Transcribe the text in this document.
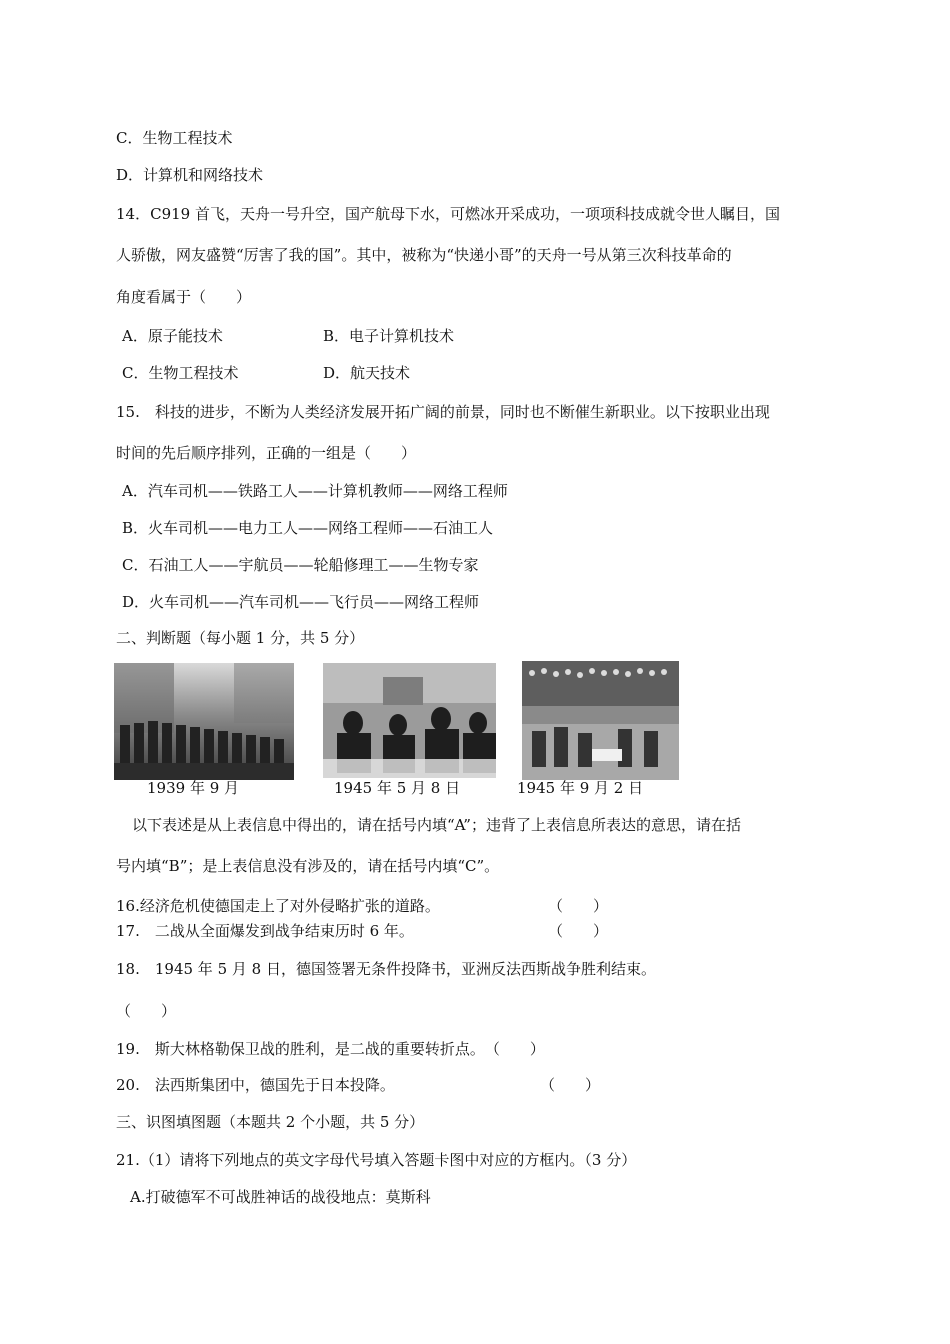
C．生物工程技术
D．计算机和网络技术
14．C919 首飞，天舟一号升空，国产航母下水，可燃冰开采成功，一项项科技成就令世人瞩目，国
人骄傲，网友盛赞“厉害了我的国”。其中，被称为“快递小哥”的天舟一号从第三次科技革命的
角度看属于（　　）
A．原子能技术	B．电子计算机技术
C．生物工程技术	D．航天技术
15.　科技的进步，不断为人类经济发展开拓广阔的前景，同时也不断催生新职业。以下按职业出现
时间的先后顺序排列，正确的一组是（　　）
A．汽车司机——铁路工人——计算机教师——网络工程师
B．火车司机——电力工人——网络工程师——石油工人
C．石油工人——宇航员——轮船修理工——生物专家
D．火车司机——汽车司机——飞行员——网络工程师
二、判断题（每小题 1 分，共 5 分）
1939 年 9 月	1945 年 5 月 8 日	1945 年 9 月 2 日
以下表述是从上表信息中得出的，请在括号内填“A”；违背了上表信息所表达的意思，请在括
号内填“B”；是上表信息没有涉及的，请在括号内填“C”。
16.经济危机使德国走上了对外侵略扩张的道路。	（　　）
17.　二战从全面爆发到战争结束历时 6 年。	（　　）
18.　1945 年 5 月 8 日，德国签署无条件投降书，亚洲反法西斯战争胜利结束。
（　　）
19.　斯大林格勒保卫战的胜利，是二战的重要转折点。　（　　）
20.　法西斯集团中，德国先于日本投降。	（　　）
三、识图填图题（本题共 2 个小题，共 5 分）
21.（1）请将下列地点的英文字母代号填入答题卡图中对应的方框内。（3 分）
A.打破德军不可战胜神话的战役地点：莫斯科
